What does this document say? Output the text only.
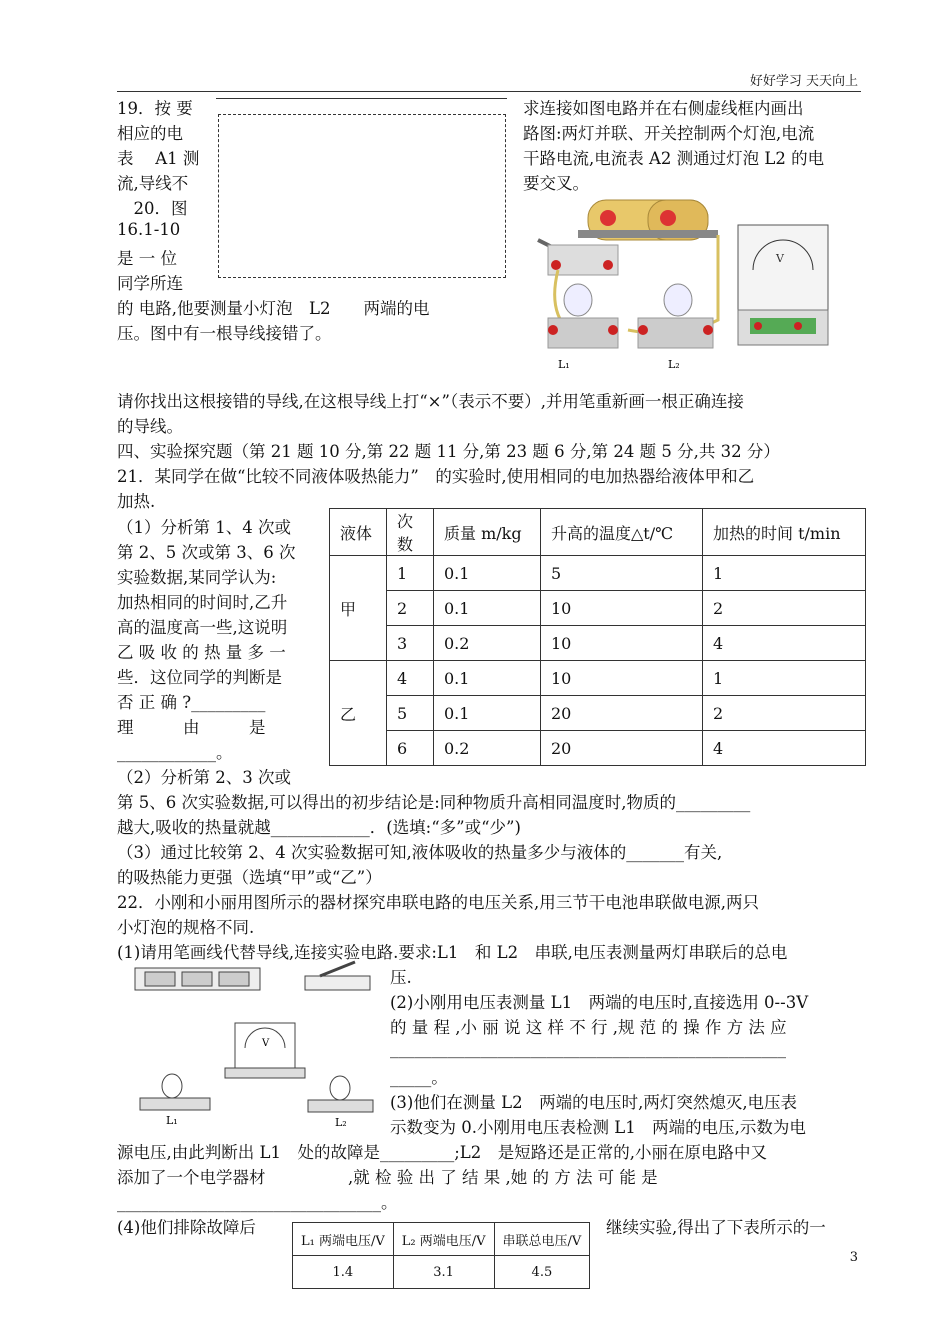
好好学习 天天向上
19．按 要
相应的电
表 　A1 测
流,导线不
　20．图
16.1-10
是 一 位
同学所连
求连接如图电路并在右侧虚线框内画出
路图:两灯并联、开关控制两个灯泡,电流
干路电流,电流表 A2 测通过灯泡 L2 的电
要交叉。
的 电路,他要测量小灯泡　L2　　两端的电
压。图中有一根导线接错了。
V
L₁	L₂
请你找出这根接错的导线,在这根导线上打“×”（表示不要）,并用笔重新画一根正确连接
的导线。
四、实验探究题（第 21 题 10 分,第 22 题 11 分,第 23 题 6 分,第 24 题 5 分,共 32 分）
21．某同学在做“比较不同液体吸热能力”　的实验时,使用相同的电加热器给液体甲和乙
加热.
（1）分析第 1、4 次或
第 2、5 次或第 3、6 次
实验数据,某同学认为:
加热相同的时间时,乙升
高的温度高一些,这说明
乙 吸 收 的 热 量 多 一
些．这位同学的判断是
否 正 确 ?_________
理　　　由　　　是
____________。
（2）分析第 2、3 次或
液体	次数	质量 m/kg	升高的温度△t/℃	加热的时间 t/min
甲	1	0.1	5	1
	2	0.1	10	2
	3	0.2	10	4
乙	4	0.1	10	1
	5	0.1	20	2
	6	0.2	20	4
第 5、6 次实验数据,可以得出的初步结论是:同种物质升高相同温度时,物质的_________
越大,吸收的热量就越____________．(选填:“多”或“少”)
（3）通过比较第 2、4 次实验数据可知,液体吸收的热量多少与液体的_______有关,
的吸热能力更强（选填“甲”或“乙”）
22．小刚和小丽用图所示的器材探究串联电路的电压关系,用三节干电池串联做电源,两只
小灯泡的规格不同.
(1)请用笔画线代替导线,连接实验电路.要求:L1　和 L2　串联,电压表测量两灯串联后的总电
V
L₁	L₂
压.
(2)小刚用电压表测量 L1　两端的电压时,直接选用 0--3V
的 量 程 ,小 丽 说 这 样 不 行 ,规 范 的 操 作 方 法 应
________________________________________________
_____。
(3)他们在测量 L2　两端的电压时,两灯突然熄灭,电压表
示数变为 0.小刚用电压表检测 L1　两端的电压,示数为电
源电压,由此判断出 L1　处的故障是_________;L2　是短路还是正常的,小丽在原电路中又
添加了一个电学器材　　　　　,就 检 验 出 了 结 果 ,她 的 方 法 可 能 是
________________________________。
(4)他们排除故障后	继续实验,得出了下表所示的一
L₁ 两端电压/V	L₂ 两端电压/V	串联总电压/V
1.4	3.1	4.5
3
